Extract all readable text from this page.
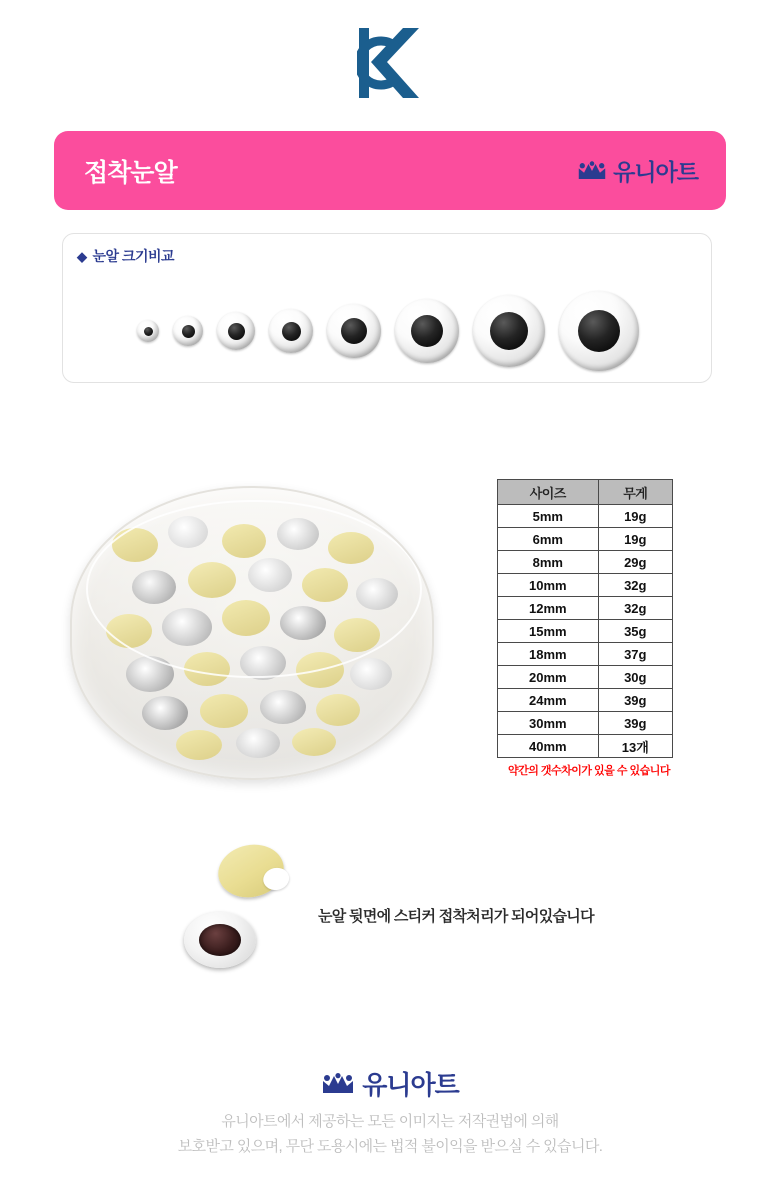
접착눈알	유니아트
◆ 눈알 크기비교
사이즈	무게
5mm	19g
6mm	19g
8mm	29g
10mm	32g
12mm	32g
15mm	35g
18mm	37g
20mm	30g
24mm	39g
30mm	39g
40mm	13개
약간의 갯수차이가 있을 수 있습니다
눈알 뒷면에 스티커 접착처리가 되어있습니다
유니아트
유니아트에서 제공하는 모든 이미지는 저작권법에 의해
보호받고 있으며, 무단 도용시에는 법적 불이익을 받으실 수 있습니다.
